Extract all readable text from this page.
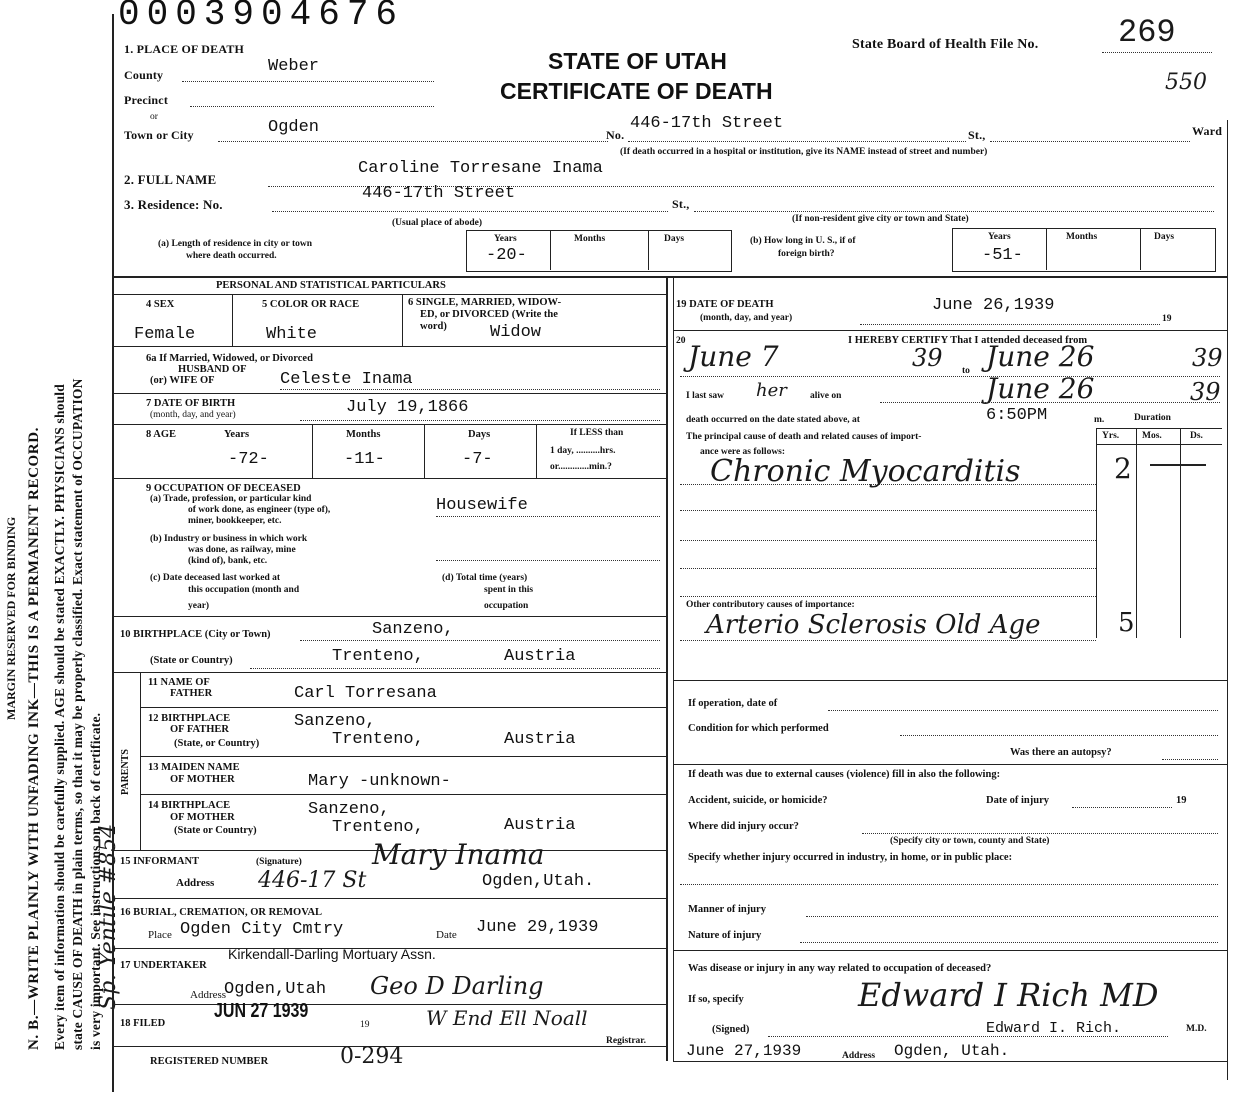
MARGIN RESERVED FOR BINDING N. B.—WRITE PLAINLY WITH UNFADING INK—THIS IS A PERMANENT RECORD. Every item of information should be carefully supplied. AGE should be stated EXACTLY. PHYSICIANS should state CAUSE OF DEATH in plain terms, so that it may be properly classified. Exact statement of OCCUPATION is very important. See instructions on back of certificate.
Sp. Yentile #854
0003904676
State Board of Health File No. 269
550
STATE OF UTAH
CERTIFICATE OF DEATH
1. PLACE OF DEATH
County	Weber
Precinct
or
Town or City	Ogden	No.
446-17th Street
St.,	Ward
(If death occurred in a hospital or institution, give its NAME instead of street and number)
2. FULL NAME
Caroline Torresane Inama
3. Residence: No.
446-17th Street
St.,
(Usual place of abode)	(If non-resident give city or town and State)
(a) Length of residence in city or town
where death occurred.
Years	Months	Days
-20-
(b) How long in U. S., if of
foreign birth?
Years	Months	Days
-51-
PERSONAL AND STATISTICAL PARTICULARS
4 SEX
Female
5 COLOR OR RACE
White
6 SINGLE, MARRIED, WIDOW-
ED, or DIVORCED (Write the
word)	Widow
6a If Married, Widowed, or Divorced
HUSBAND OF
(or) WIFE OF	Celeste Inama
7 DATE OF BIRTH
(month, day, and year)	July 19,1866
8 AGE	Years	Months	Days
-72-	-11-	-7-
If LESS than
1 day, ..........hrs.
or.............min.?
9 OCCUPATION OF DECEASED
(a) Trade, profession, or particular kind
of work done, as engineer (type of),
miner, bookkeeper, etc.
Housewife
(b) Industry or business in which work
was done, as railway, mine
(kind of), bank, etc.
(c) Date deceased last worked at
this occupation (month and
year)
(d) Total time (years)
spent in this
occupation
10 BIRTHPLACE (City or Town)	Sanzeno,
(State or Country)	Trenteno,	Austria
PARENTS
11 NAME OF
FATHER	Carl Torresana
12 BIRTHPLACE
OF FATHER
(State, or Country)
Sanzeno,
Trenteno,	Austria
13 MAIDEN NAME
OF MOTHER	Mary -unknown-
14 BIRTHPLACE
OF MOTHER
(State or Country)
Sanzeno,
Trenteno,	Austria
15 INFORMANT	(Signature)	Mary Inama
Address 446-17 St	Ogden,Utah.
16 BURIAL, CREMATION, OR REMOVAL
Place Ogden City Cmtry	Date June 29,1939
17 UNDERTAKER
Kirkendall-Darling Mortuary Assn.
Address
Ogden,Utah Geo D Darling
18 FILED
JUN 27 1939
19	W End Ell Noall
Registrar.
REGISTERED NUMBER	0-294
19 DATE OF DEATH
(month, day, and year)
June 26,1939
19
20	I HEREBY CERTIFY That I attended deceased from
June 7	39 to June 26	39
I last saw her alive on	June 26	39
death occurred on the date stated above, at	6:50PM	m.	Duration
Yrs. Mos.	Ds.
The principal cause of death and related causes of import-
ance were as follows:
Chronic Myocarditis	2
Other contributory causes of importance:
Arterio Sclerosis Old Age	5
If operation, date of
Condition for which performed
Was there an autopsy?
If death was due to external causes (violence) fill in also the following:
Accident, suicide, or homicide?	Date of injury	19
Where did injury occur?
(Specify city or town, county and State)
Specify whether injury occurred in industry, in home, or in public place:
Manner of injury
Nature of injury
Was disease or injury in any way related to occupation of deceased?
If so, specify	Edward I Rich MD
(Signed)	Edward I. Rich.	M.D.
June 27,1939	Address Ogden, Utah.
